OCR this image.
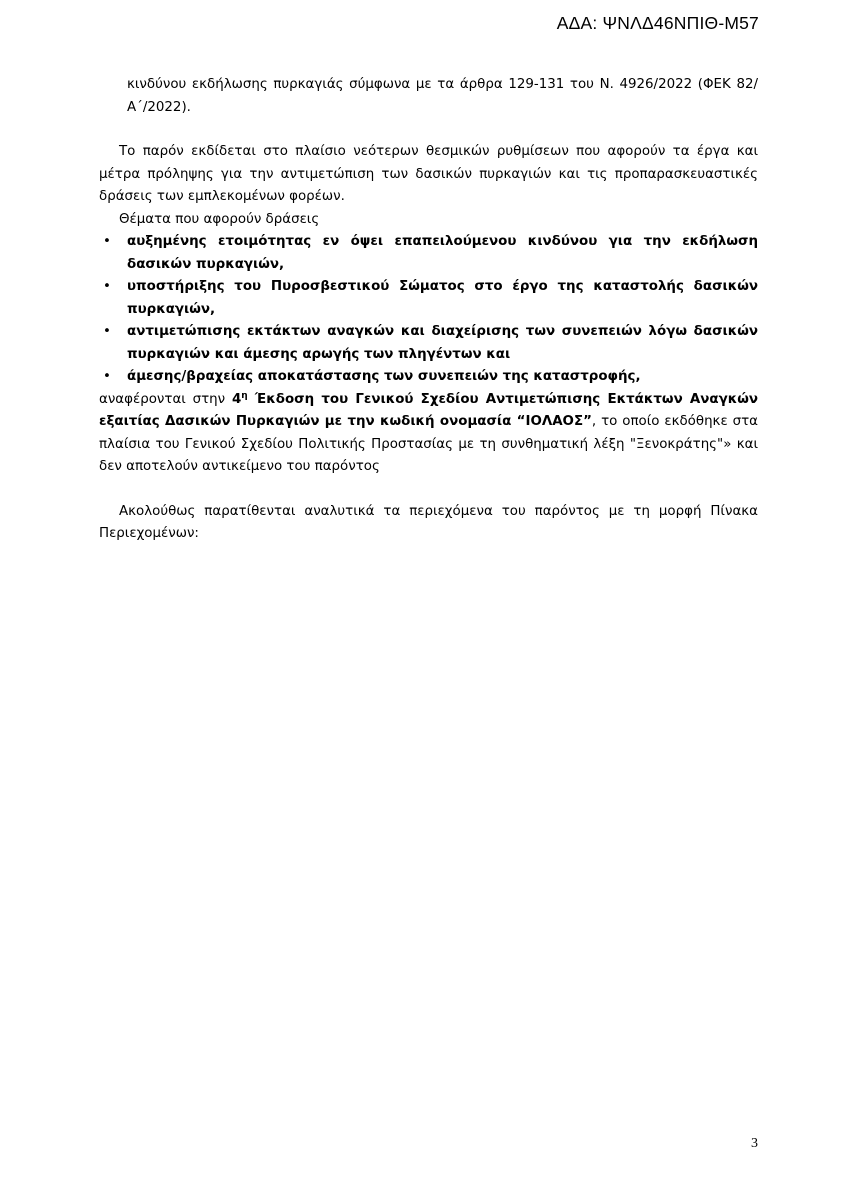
ΑΔΑ: ΨΝΛΔ46ΝΠΙΘ-Μ57

κινδύνου εκδήλωσης πυρκαγιάς σύμφωνα με τα άρθρα 129-131 του Ν. 4926/2022 (ΦΕΚ 82/Α΄/2022).

Το παρόν εκδίδεται στο πλαίσιο νεότερων θεσμικών ρυθμίσεων που αφορούν τα έργα και μέτρα πρόληψης για την αντιμετώπιση των δασικών πυρκαγιών και τις προπαρασκευαστικές δράσεις των εμπλεκομένων φορέων.

Θέματα που αφορούν δράσεις

• αυξημένης ετοιμότητας εν όψει επαπειλούμενου κινδύνου για την εκδήλωση δασικών πυρκαγιών,
• υποστήριξης του Πυροσβεστικού Σώματος στο έργο της καταστολής δασικών πυρκαγιών,
• αντιμετώπισης εκτάκτων αναγκών και διαχείρισης των συνεπειών λόγω δασικών πυρκαγιών και άμεσης αρωγής των πληγέντων και
• άμεσης/βραχείας αποκατάστασης των συνεπειών της καταστροφής,

αναφέρονται στην $4^\eta$ Έκδοση του Γενικού Σχεδίου Αντιμετώπισης Εκτάκτων Αναγκών εξαιτίας Δασικών Πυρκαγιών με την κωδική ονομασία “ΙΟΛΑΟΣ”, το οποίο εκδόθηκε στα πλαίσια του Γενικού Σχεδίου Πολιτικής Προστασίας με τη συνθηματική λέξη "Ξενοκράτης"» και δεν αποτελούν αντικείμενο του παρόντος

Ακολούθως παρατίθενται αναλυτικά τα περιεχόμενα του παρόντος με τη μορφή Πίνακα Περιεχομένων:

3
